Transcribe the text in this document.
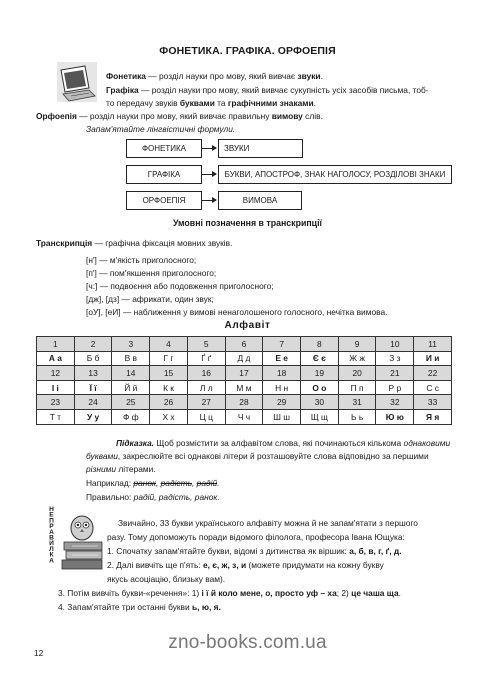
ФОНЕТИКА. ГРАФІКА. ОРФОЕПІЯ
Фонетика — розділ науки про мову, який вивчає звуки.
Графіка — розділ науки про мову, який вивчає сукупність усіх засобів письма, тоб-
то передачу звуків буквами та графічними знаками.
Орфоепія — розділ науки про мову, який вивчає правильну вимову слів.
Запам'ятайте лінгвістичні формули.
ФОНЕТИКА	ЗВУКИ
ГРАФІКА	БУКВИ, АПОСТРОФ, ЗНАК НАГОЛОСУ, РОЗДІЛОВІ ЗНАКИ
ОРФОЕПІЯ	ВИМОВА
Умовні позначення в транскрипції
Транскрипція — графічна фіксація мовних звуків.
[н'] — м'якість приголосного;
[п'] — пом'якшення приголосного;
[ч:] — подвоєння або подовження приголосного;
[дж], [дз] — африкати, один звук;
[оУ], [еИ] — наближення у вимові ненаголошеного голосного, нечітка вимова.
Алфавіт
1	2	3	4	5	6	7	8	9	10	11
А а	Б б	В в	Г г	Ґ ґ	Д д	Е е	Є є	Ж ж	З з	И и
12	13	14	15	16	17	18	19	20	21	22
І і	Ї ї	Й й	К к	Л л	М м	Н н	О о	П п	Р р	С с
23	24	25	26	27	28	29	30	31	32	33
Т т	У у	Ф ф	Х х	Ц ц	Ч ч	Ш ш	Щ щ	Ь ь	Ю ю	Я я
Підказка. Щоб розмістити за алфавітом слова, які починаються кількома однаковими буквами, закреслюйте всі однакові літери й розташовуйте слова відповідно за першими різними літерами.
Наприклад: ранок, радість, радій.
Правильно: радій, радість, ранок.
НЕПРАВИЛКА	Звичайно, 33 букви українського алфавіту можна й не запам'ятати з першого
разу. Тому допоможуть поради відомого філолога, професора Івана Ющука:
1. Спочатку запам'ятайте букви, відомі з дитинства як віршик: а, б, в, г, ґ, д.
2. Далі вивчіть ще п'ять: е, є, ж, з, и (можете придумати на кожну букву
якусь асоціацію, близьку вам).
3. Потім вивчіть букви-«речення»: 1) і ї й коло мене, о, просто уф – ха; 2) це чаша ща.
4. Запам'ятайте три останні букви ь, ю, я.
12	zno-books.com.ua
